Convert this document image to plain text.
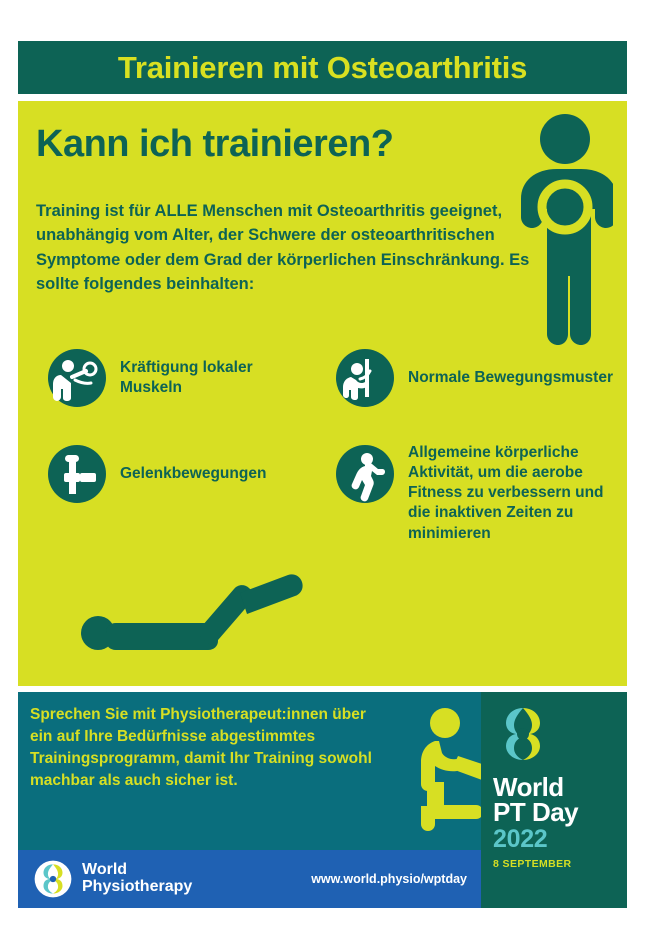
Trainieren mit Osteoarthritis
Kann ich trainieren?
Training ist für ALLE Menschen mit Osteoarthritis geeignet, unabhängig vom Alter, der Schwere der osteoarthritischen Symptome oder dem Grad der körperlichen Einschränkung. Es sollte folgendes beinhalten:
Kräftigung lokaler Muskeln
Normale Bewegungsmuster
Gelenkbewegungen
Allgemeine körperliche Aktivität, um die aerobe Fitness zu verbessern und die inaktiven Zeiten zu minimieren
Sprechen Sie mit Physiotherapeut:innen über ein auf Ihre Bedürfnisse abgestimmtes Trainingsprogramm, damit Ihr Training sowohl machbar als auch sicher ist.	World
PT Day
2022
8 SEPTEMBER
World
Physiotherapy	www.world.physio/wptday
